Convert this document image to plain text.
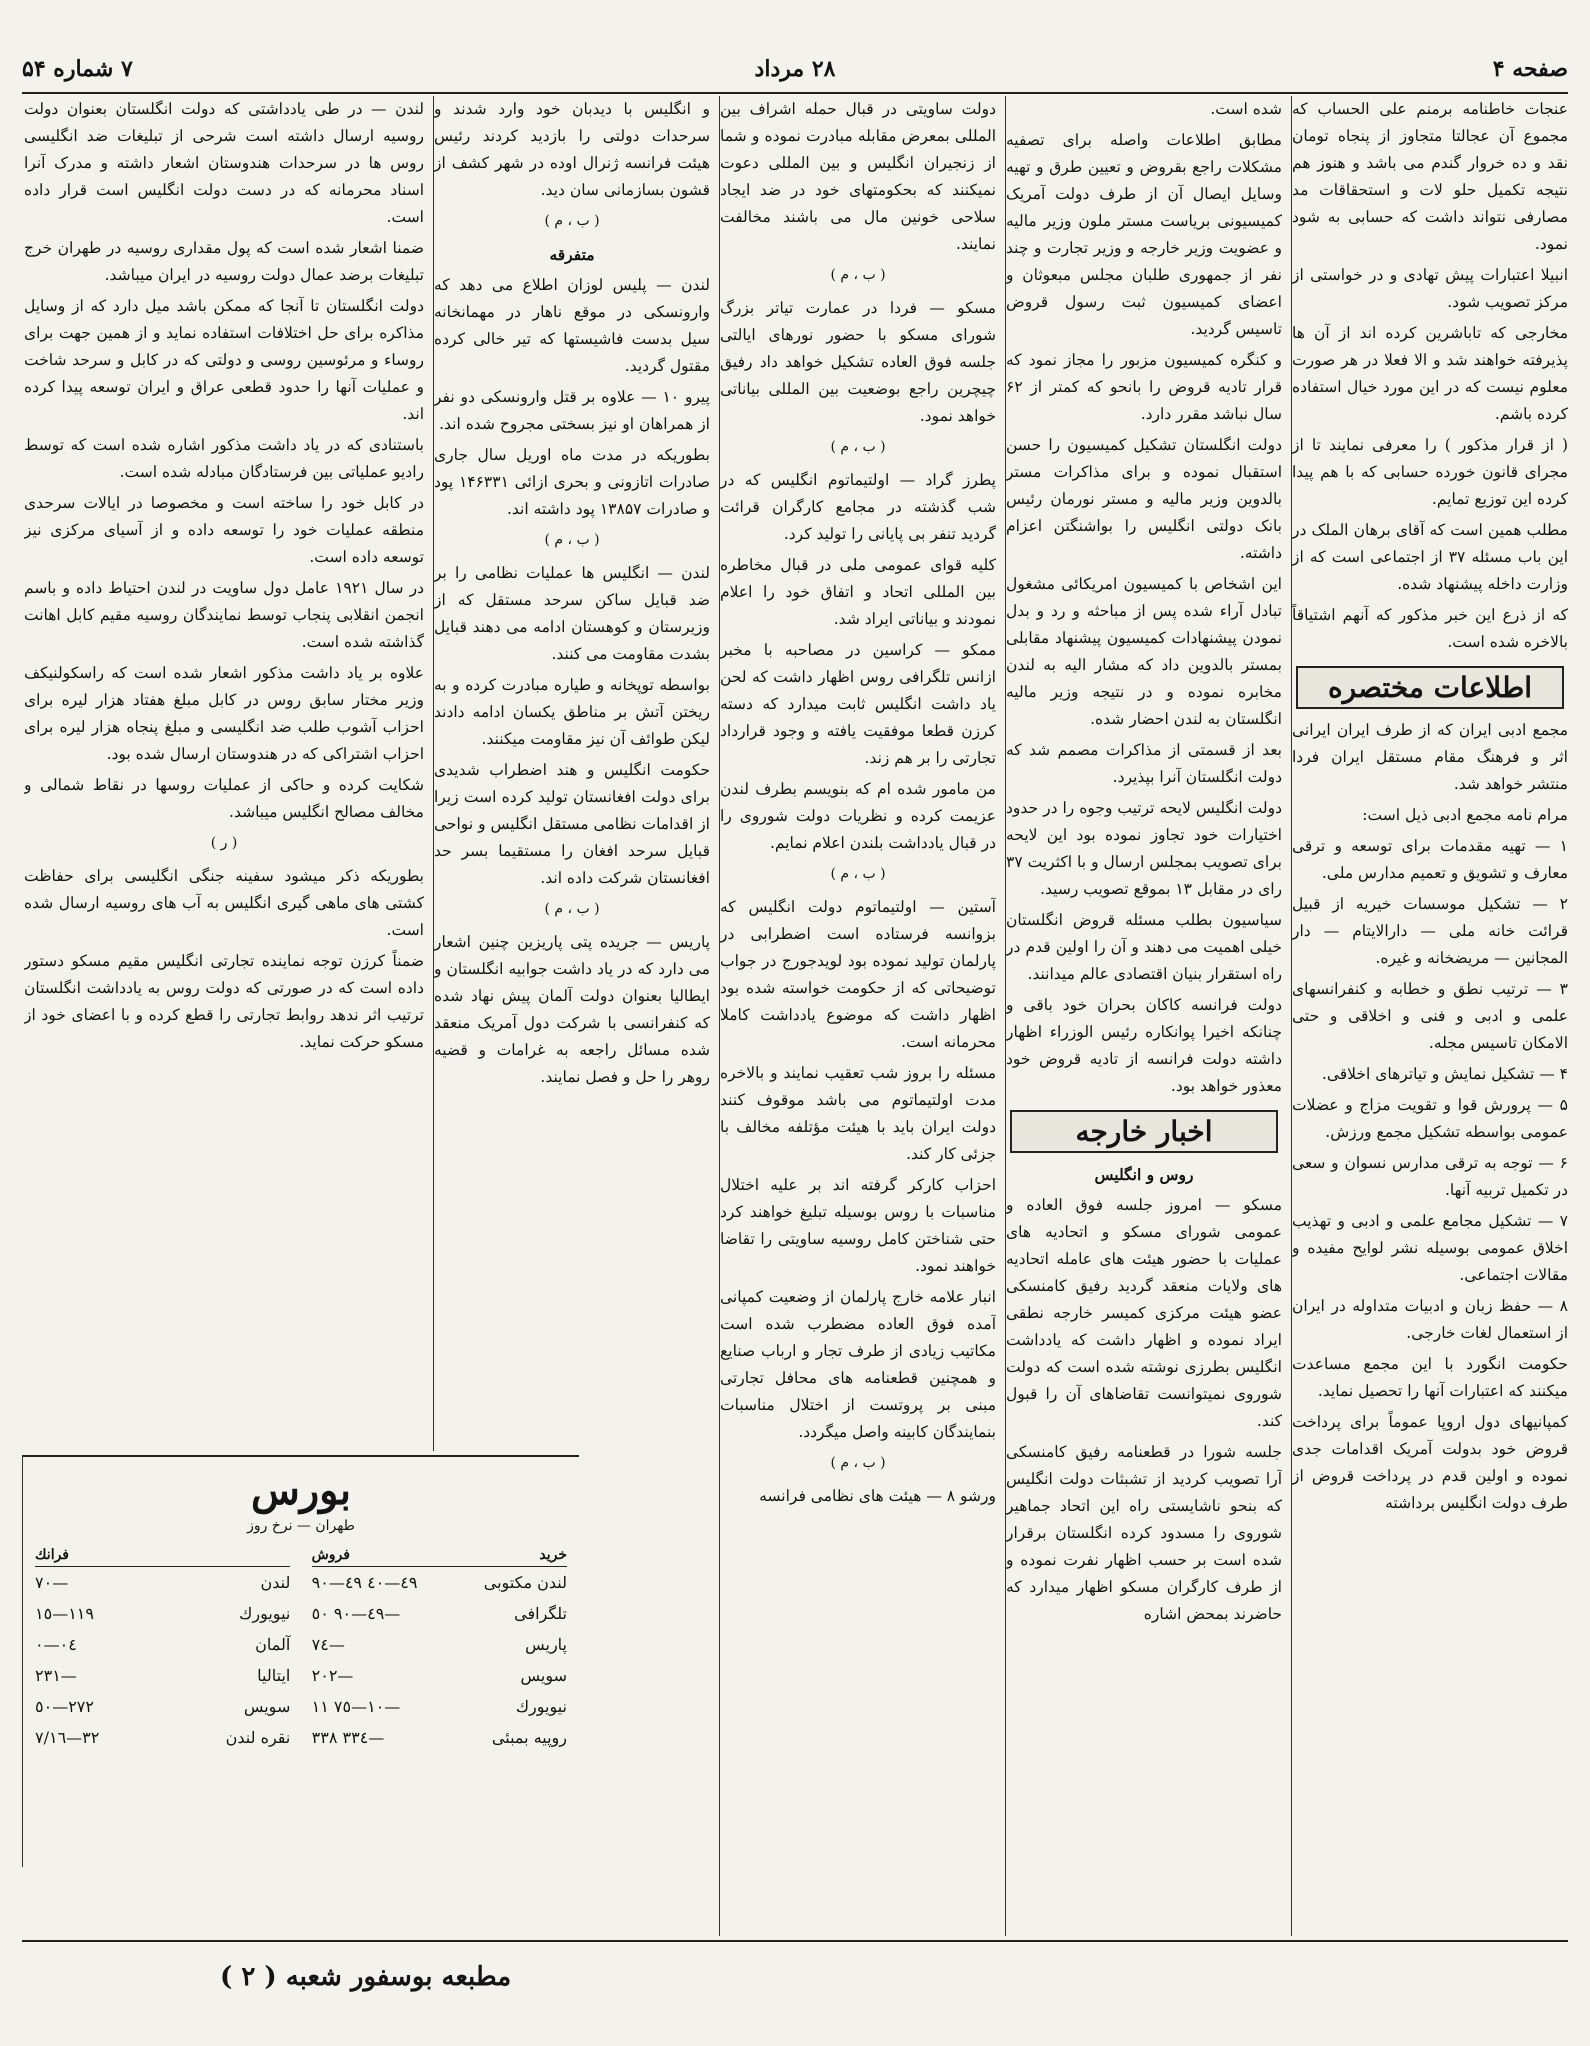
صفحه ۴
۲۸ مرداد
۷ شماره ۵۴

عنجات خاطنامه برمنم علی الحساب که مجموع آن عجالتا متجاوز از پنجاه تومان نقد و ده خروار گندم می باشد و هنوز هم نتیجه تکمیل حلو لات و استحقاقات مد مصارفی نتواند داشت که حسابی به شود نمود.

انبیلا اعتبارات پیش تهادی و در خواستی از مرکز تصویب شود.

مخارجی که تاباشرین کرده اند از آن ها پذیرفته خواهند شد و الا فعلا در هر صورت معلوم نیست که در این مورد خیال استفاده کرده باشم.

( از قرار مذکور ) را معرفی نمایند تا از مجرای قانون خورده حسابی که با هم پیدا کرده این توزیع تمایم.

مطلب همین است که آقای برهان الملک در این باب مسئله ۳۷ از اجتماعی است که از وزارت داخله پیشنهاد شده.

که از ذرع این خبر مذکور که آنهم اشتیاقاً بالاخره شده است.

اطلاعات مختصره

مجمع ادبی ایران که از طرف ایران ایرانی اثر و فرهنگ مقام مستقل ایران فردا منتشر خواهد شد.

مرام نامه مجمع ادبی ذیل است:

۱ — تهیه مقدمات برای توسعه و ترقی معارف و تشویق و تعمیم مدارس ملی.

۲ — تشکیل موسسات خیریه از قبیل قرائت خانه ملی — دارالایتام — دار المجانین — مریضخانه و غیره.

۳ — ترتیب نطق و خطابه و کنفرانسهای علمی و ادبی و فنی و اخلاقی و حتی الامکان تاسیس مجله.

۴ — تشکیل نمایش و تیاترهای اخلاقی.

۵ — پرورش قوا و تقویت مزاج و عضلات عمومی بواسطه تشکیل مجمع ورزش.

۶ — توجه به ترقی مدارس نسوان و سعی در تکمیل تربیه آنها.

۷ — تشکیل مجامع علمی و ادبی و تهذیب اخلاق عمومی بوسیله نشر لوایح مفیده و مقالات اجتماعی.

۸ — حفظ زبان و ادبیات متداوله در ایران از استعمال لغات خارجی.

حکومت انگورد با این مجمع مساعدت میکنند که اعتبارات آنها را تحصیل نماید.

کمپانیهای دول اروپا عموماً برای پرداخت قروض خود بدولت آمریک اقدامات جدی نموده و اولین قدم در پرداخت قروض از طرف دولت انگلیس برداشته

شده است.

مطابق اطلاعات واصله برای تصفیه مشکلات راجع بقروض و تعیین طرق و تهیه وسایل ایصال آن از طرف دولت آمریک کمیسیونی بریاست مستر ملون وزیر مالیه و عضویت وزیر خارجه و وزیر تجارت و چند نفر از جمهوری طلبان مجلس مبعوثان و اعضای کمیسیون ثبت رسول قروض تاسیس گردید.

و کنگره کمیسیون مزبور را مجاز نمود که قرار تادیه قروض را بانحو که کمتر از ۶۲ سال نباشد مقرر دارد.

دولت انگلستان تشکیل کمیسیون را حسن استقبال نموده و برای مذاکرات مستر بالدوین وزیر مالیه و مستر نورمان رئیس بانک دولتی انگلیس را بواشنگتن اعزام داشته.

این اشخاص با کمیسیون امریکائی مشغول تبادل آراء شده پس از مباحثه و رد و بدل نمودن پیشنهادات کمیسیون پیشنهاد مقابلی بمستر بالدوین داد که مشار الیه به لندن مخابره نموده و در نتیجه وزیر مالیه انگلستان به لندن احضار شده.

بعد از قسمتی از مذاکرات مصمم شد که دولت انگلستان آنرا بپذیرد.

دولت انگلیس لایحه ترتیب وجوه را در حدود اختیارات خود تجاوز نموده بود این لایحه برای تصویب بمجلس ارسال و با اکثریت ۳۷ رای در مقابل ۱۳ بموقع تصویب رسید.

سیاسیون بطلب مسئله قروض انگلستان خیلی اهمیت می دهند و آن را اولین قدم در راه استقرار بنیان اقتصادی عالم میدانند.

دولت فرانسه کاکان بحران خود باقی و چنانکه اخیرا پوانکاره رئیس الوزراء اظهار داشته دولت فرانسه از تادیه قروض خود معذور خواهد بود.

اخبار خارجه
روس و انگلیس

مسکو — امروز جلسه فوق العاده و عمومی شورای مسکو و اتحادیه های عملیات با حضور هیئت های عامله اتحادیه های ولایات منعقد گردید رفیق کامنسکی عضو هیئت مرکزی کمیسر خارجه نطقی ایراد نموده و اظهار داشت که یادداشت انگلیس بطرزی نوشته شده است که دولت شوروی نمیتوانست تقاضاهای آن را قبول کند.

جلسه شورا در قطعنامه رفیق کامنسکی آرا تصویب کردید از تشبثات دولت انگلیس که بنحو ناشایستی راه این اتحاد جماهیر شوروی را مسدود کرده انگلستان برقرار شده است بر حسب اظهار نفرت نموده و از طرف کارگران مسکو اظهار میدارد که حاضرند بمحض اشاره

دولت ساویتی در قبال حمله اشراف بین المللی بمعرض مقابله مبادرت نموده و شما از زنجیران انگلیس و بین المللی دعوت نمیکنند که بحکومتهای خود در ضد ایجاد سلاحی خونین مال می باشند مخالفت نمایند.

( ب ، م )

مسکو — فردا در عمارت تیاتر بزرگ شورای مسکو با حضور نورهای ایالتی جلسه فوق العاده تشکیل خواهد داد رفیق چیچرین راجع بوضعیت بین المللی بیاناتی خواهد نمود.

( ب ، م )

پطرز گراد — اولتیماتوم انگلیس که در شب گذشته در مجامع کارگران قرائت گردید تنفر بی پایانی را تولید کرد.

کلیه قوای عمومی ملی در قبال مخاطره بین المللی اتحاد و اتفاق خود را اعلام نمودند و بیاناتی ایراد شد.

ممکو — کراسین در مصاحبه با مخبر ازانس تلگرافی روس اظهار داشت که لحن یاد داشت انگلیس ثابت میدارد که دسته کرزن قطعا موفقیت یافته و وجود قرارداد تجارتی را بر هم زند.

من مامور شده ام که بنویسم بطرف لندن عزیمت کرده و نظریات دولت شوروی را در قبال یادداشت بلندن اعلام نمایم.

( ب ، م )

آستین — اولتیماتوم دولت انگلیس که بزوانسه فرستاده است اضطرابی در پارلمان تولید نموده بود لویدجورج در جواب توضیحاتی که از حکومت خواسته شده بود اظهار داشت که موضوع یادداشت کاملا محرمانه است.

مسئله را بروز شب تعقیب نمایند و بالاخره مدت اولتیماتوم می باشد موقوف کنند دولت ایران باید با هیئت مؤتلفه مخالف با جزئی کار کند.

احزاب کارکر گرفته اند بر علیه اختلال مناسبات با روس بوسیله تبلیغ خواهند کرد حتی شناختن کامل روسیه ساویتی را تقاضا خواهند نمود.

انبار علامه خارج پارلمان از وضعیت کمپانی آمده فوق العاده مضطرب شده است مکاتیب زیادی از طرف تجار و ارباب صنایع و همچنین قطعنامه های محافل تجارتی مبنی بر پروتست از اختلال مناسبات بنمایندگان کابینه واصل میگردد.

( ب ، م )

ورشو ۸ — هیئت های نظامی فرانسه

و انگلیس با دیدبان خود وارد شدند و سرحدات دولتی را بازدید کردند رئیس هیئت فرانسه ژنرال اوده در شهر کشف از قشون بسازمانی سان دید.

( ب ، م )
متفرقه

لندن — پلیس لوزان اطلاع می دهد که وارونسکی در موقع ناهار در مهمانخانه سیل بدست فاشیستها که تیر خالی کرده مقتول گردید.

پیرو ۱۰ — علاوه بر قتل وارونسکی دو نفر از همراهان او نیز بسختی مجروح شده اند.

بطوریکه در مدت ماه اوریل سال جاری صادرات اتازونی و بحری ازائی ۱۴۶۳۳۱ پود و صادرات ۱۳۸۵۷ پود داشته اند.

( ب ، م )

لندن — انگلیس ها عملیات نظامی را بر ضد قبایل ساکن سرحد مستقل که از وزیرستان و کوهستان ادامه می دهند قبایل بشدت مقاومت می کنند.

بواسطه توپخانه و طیاره مبادرت کرده و به ریختن آتش بر مناطق یکسان ادامه دادند لیکن طوائف آن نیز مقاومت میکنند.

حکومت انگلیس و هند اضطراب شدیدی برای دولت افغانستان تولید کرده است زیرا از اقدامات نظامی مستقل انگلیس و نواحی قبایل سرحد افغان را مستقیما بسر حد افغانستان شرکت داده اند.

( ب ، م )

پاریس — جریده پتی پاریزین چنین اشعار می دارد که در یاد داشت جوابیه انگلستان و ایطالیا بعنوان دولت آلمان پیش نهاد شده که کنفرانسی با شرکت دول آمریک منعقد شده مسائل راجعه به غرامات و قضیه روهر را حل و فصل نمایند.

لندن — در طی یادداشتی که دولت انگلستان بعنوان دولت روسیه ارسال داشته است شرحی از تبلیغات ضد انگلیسی روس ها در سرحدات هندوستان اشعار داشته و مدرک آنرا اسناد محرمانه که در دست دولت انگلیس است قرار داده است.

ضمنا اشعار شده است که پول مقداری روسیه در طهران خرج تبلیغات برضد عمال دولت روسیه در ایران میباشد.

دولت انگلستان تا آنجا که ممکن باشد میل دارد که از وسایل مذاکره برای حل اختلافات استفاده نماید و از همین جهت برای روساء و مرئوسین روسی و دولتی که در کابل و سرحد شاخت و عملیات آنها را حدود قطعی عراق و ایران توسعه پیدا کرده اند.

باستنادی که در یاد داشت مذکور اشاره شده است که توسط رادیو عملیاتی بین فرستادگان مبادله شده است.

در کابل خود را ساخته است و مخصوصا در ایالات سرحدی منطقه عملیات خود را توسعه داده و از آسیای مرکزی نیز توسعه داده است.

در سال ۱۹۲۱ عامل دول ساویت در لندن احتیاط داده و باسم انجمن انقلابی پنجاب توسط نمایندگان روسیه مقیم کابل اهانت گذاشته شده است.

علاوه بر یاد داشت مذکور اشعار شده است که راسکولنیکف وزیر مختار سابق روس در کابل مبلغ هفتاد هزار لیره برای احزاب آشوب طلب ضد انگلیسی و مبلغ پنجاه هزار لیره برای احزاب اشتراکی که در هندوستان ارسال شده بود.

شکایت کرده و حاکی از عملیات روسها در نقاط شمالی و مخالف مصالح انگلیس میباشد.

( ر )

بطوریکه ذکر میشود سفینه جنگی انگلیسی برای حفاظت کشتی های ماهی گیری انگلیس به آب های روسیه ارسال شده است.

ضمناً کرزن توجه نماینده تجارتی انگلیس مقیم مسکو دستور داده است که در صورتی که دولت روس به یادداشت انگلستان ترتیب اثر ندهد روابط تجارتی را قطع کرده و با اعضای خود از مسکو حرکت نماید.

بورس
طهران — نرخ روز
خرید
فروش
لندن مکتوبی
٤٩—٤٠ ٤٩—٩٠
تلگرافی
٤٩—٩٠ ٥٠—
پاریس
٧٤—
سویس
٢٠٢—
نیویورك
١٠—٧٥ ١١—
روپیه بمبئی
٣٣٤ ٣٣٨—
فرانك
لندن
٧٠—
نیویورك
١١٩—١٥
آلمان
٠٤—٠
ایتالیا
٢٣١—
سویس
٢٧٢—٥٠
نقره لندن
٣٢—٧/١٦
مطبعه بوسفور شعبه ( ٢ )
